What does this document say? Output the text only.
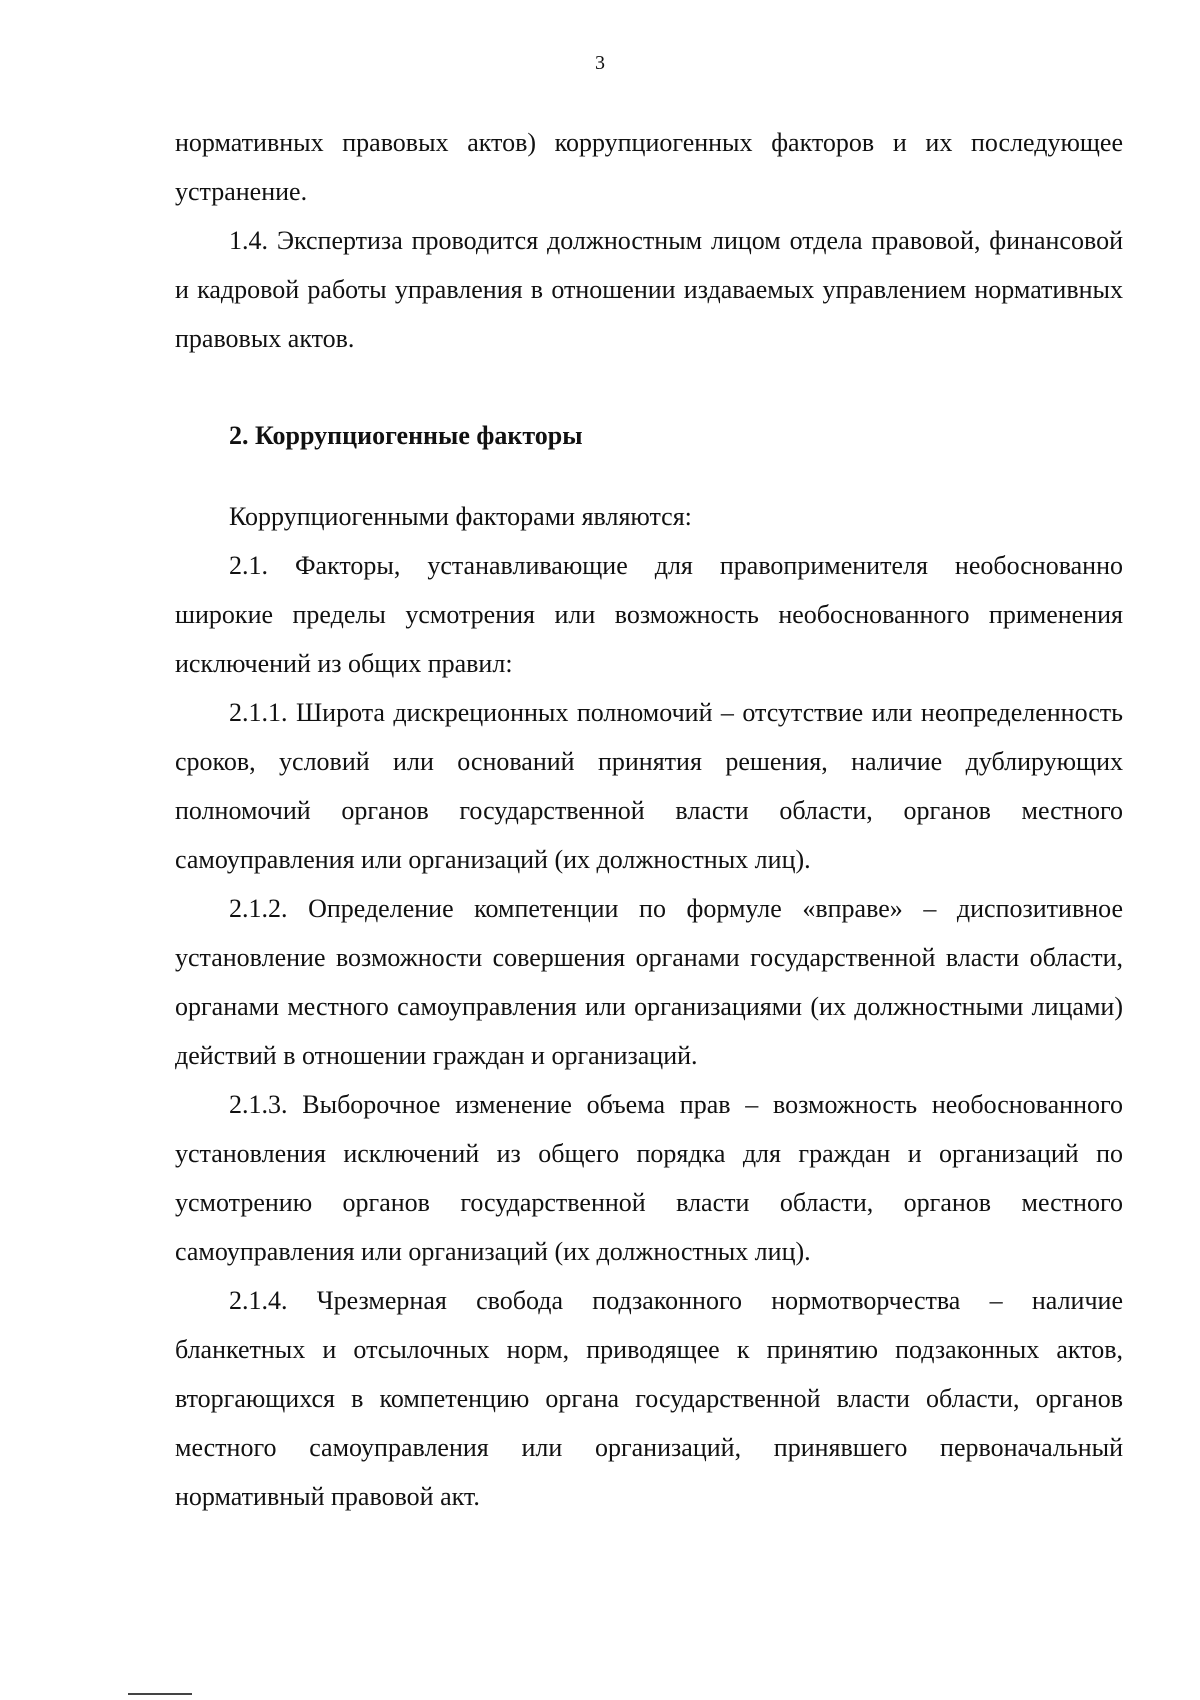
3

нормативных правовых актов) коррупциогенных факторов и их последующее устранение.

1.4. Экспертиза проводится должностным лицом отдела правовой, финансовой и кадровой работы управления в отношении издаваемых управлением нормативных правовых актов.

2. Коррупциогенные факторы

Коррупциогенными факторами являются:

2.1. Факторы, устанавливающие для правоприменителя необоснованно широкие пределы усмотрения или возможность необоснованного применения исключений из общих правил:

2.1.1. Широта дискреционных полномочий – отсутствие или неопределенность сроков, условий или оснований принятия решения, наличие дублирующих полномочий органов государственной власти области, органов местного самоуправления или организаций (их должностных лиц).

2.1.2. Определение компетенции по формуле «вправе» – диспозитивное установление возможности совершения органами государственной власти области, органами местного самоуправления или организациями (их должностными лицами) действий в отношении граждан и организаций.

2.1.3. Выборочное изменение объема прав – возможность необоснованного установления исключений из общего порядка для граждан и организаций по усмотрению органов государственной власти области, органов местного самоуправления или организаций (их должностных лиц).

2.1.4. Чрезмерная свобода подзаконного нормотворчества – наличие бланкетных и отсылочных норм, приводящее к принятию подзаконных актов, вторгающихся в компетенцию органа государственной власти области, органов местного самоуправления или организаций, принявшего первоначальный нормативный правовой акт.
